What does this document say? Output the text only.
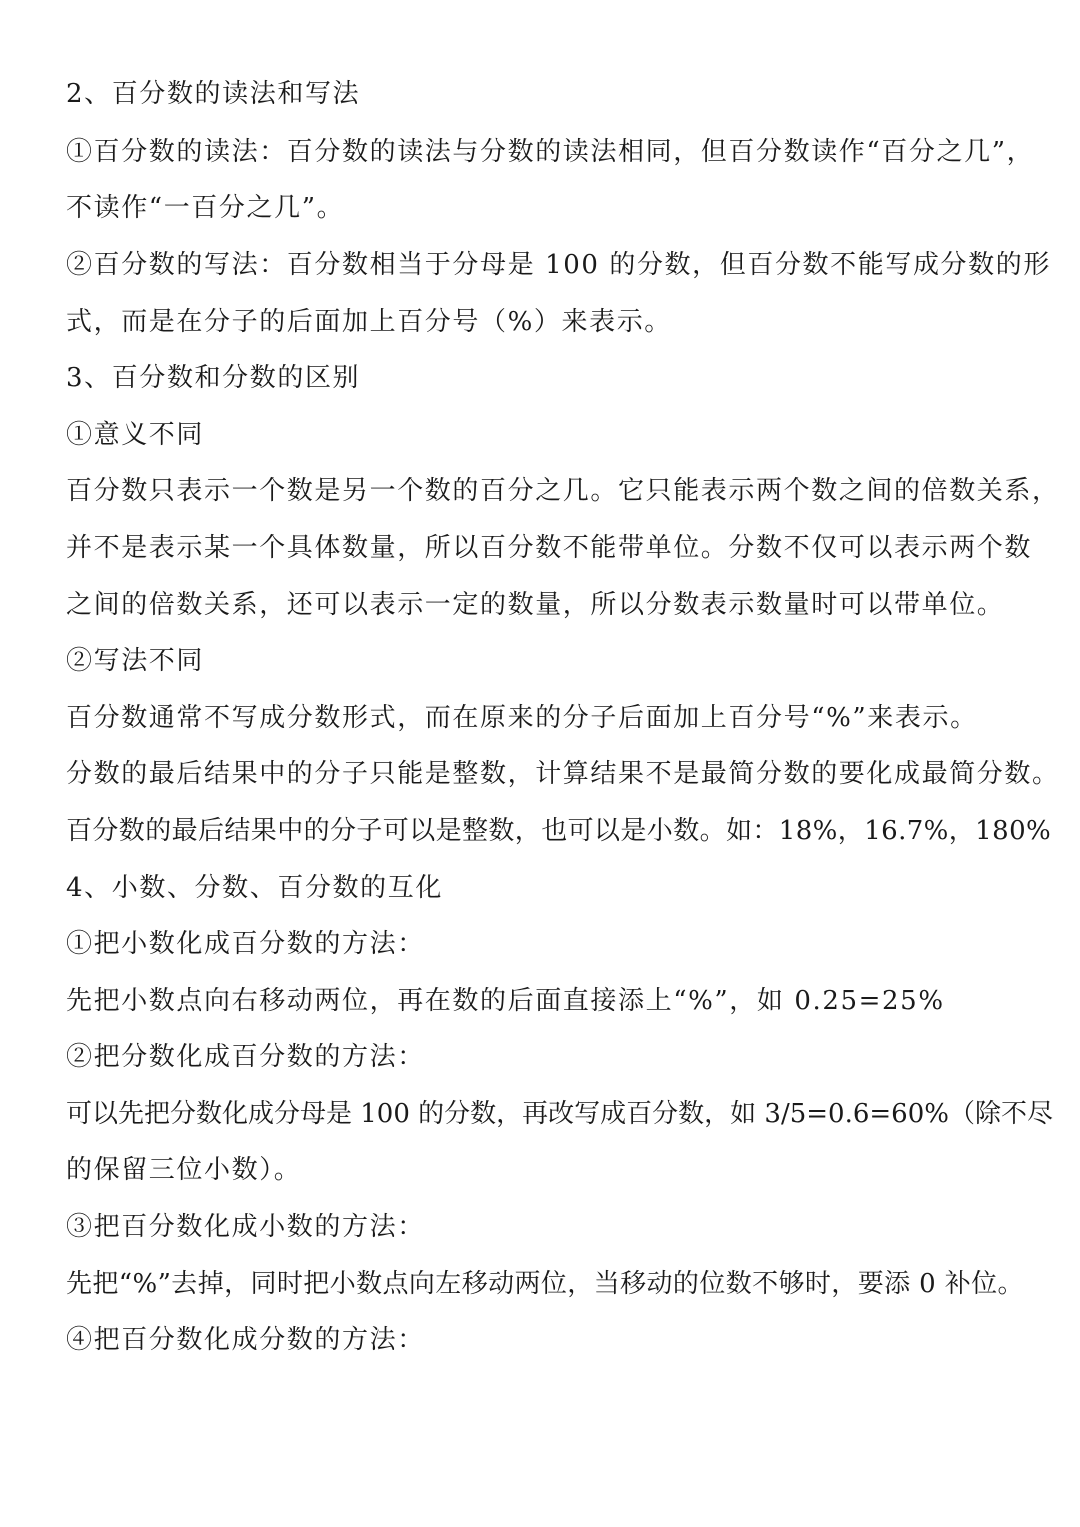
2、百分数的读法和写法
①百分数的读法：百分数的读法与分数的读法相同，但百分数读作“百分之几”，
不读作“一百分之几”。
②百分数的写法：百分数相当于分母是 100 的分数，但百分数不能写成分数的形
式，而是在分子的后面加上百分号（%）来表示。
3、百分数和分数的区别
①意义不同
百分数只表示一个数是另一个数的百分之几。它只能表示两个数之间的倍数关系，
并不是表示某一个具体数量，所以百分数不能带单位。分数不仅可以表示两个数
之间的倍数关系，还可以表示一定的数量，所以分数表示数量时可以带单位。
②写法不同
百分数通常不写成分数形式，而在原来的分子后面加上百分号“%”来表示。
分数的最后结果中的分子只能是整数，计算结果不是最简分数的要化成最简分数。
百分数的最后结果中的分子可以是整数，也可以是小数。如：18%，16.7%，180%
4、小数、分数、百分数的互化
①把小数化成百分数的方法：
先把小数点向右移动两位，再在数的后面直接添上“%”，如 0.25=25%
②把分数化成百分数的方法：
可以先把分数化成分母是 100 的分数，再改写成百分数，如 3/5=0.6=60%（除不尽
的保留三位小数）。
③把百分数化成小数的方法：
先把“%”去掉，同时把小数点向左移动两位，当移动的位数不够时，要添 0 补位。
④把百分数化成分数的方法：
